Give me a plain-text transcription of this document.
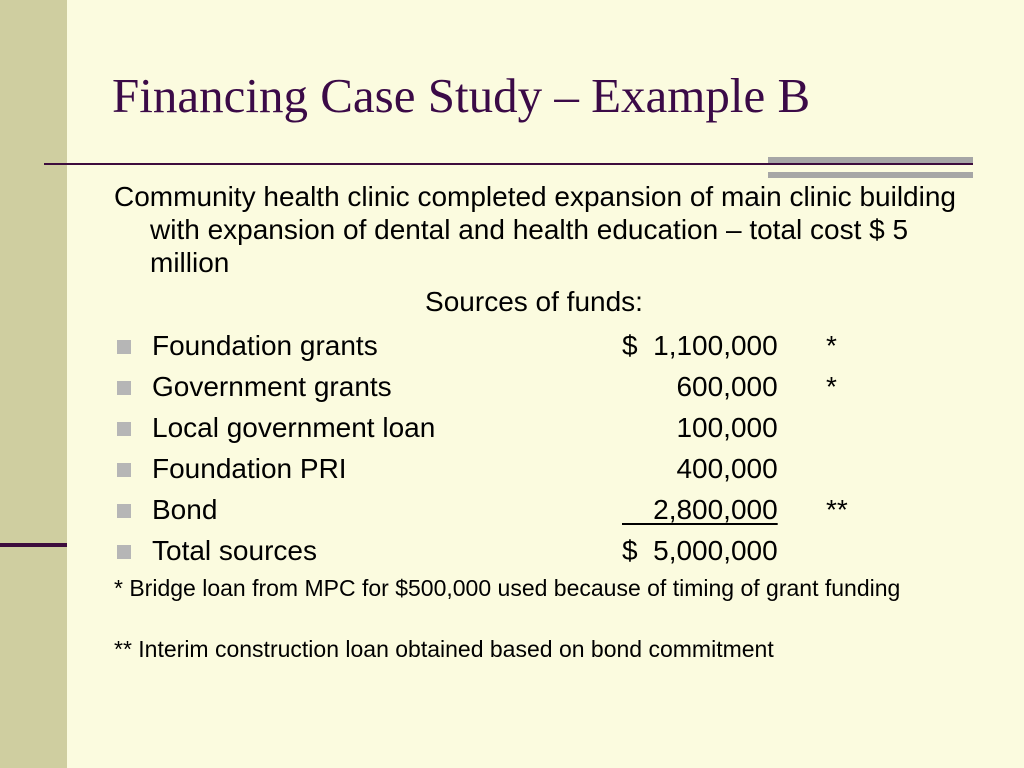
Financing Case Study – Example B

Community health clinic completed expansion of main clinic building with expansion of dental and health education – total cost $ 5 million

Sources of funds:
Foundation grants	$  1,100,000 *
Government grants	600,000 *
Local government loan	100,000
Foundation PRI	400,000
Bond	2,800,000 **
Total sources	$  5,000,000

* Bridge loan from MPC for $500,000 used because of timing of grant funding

** Interim construction loan obtained based on bond commitment
